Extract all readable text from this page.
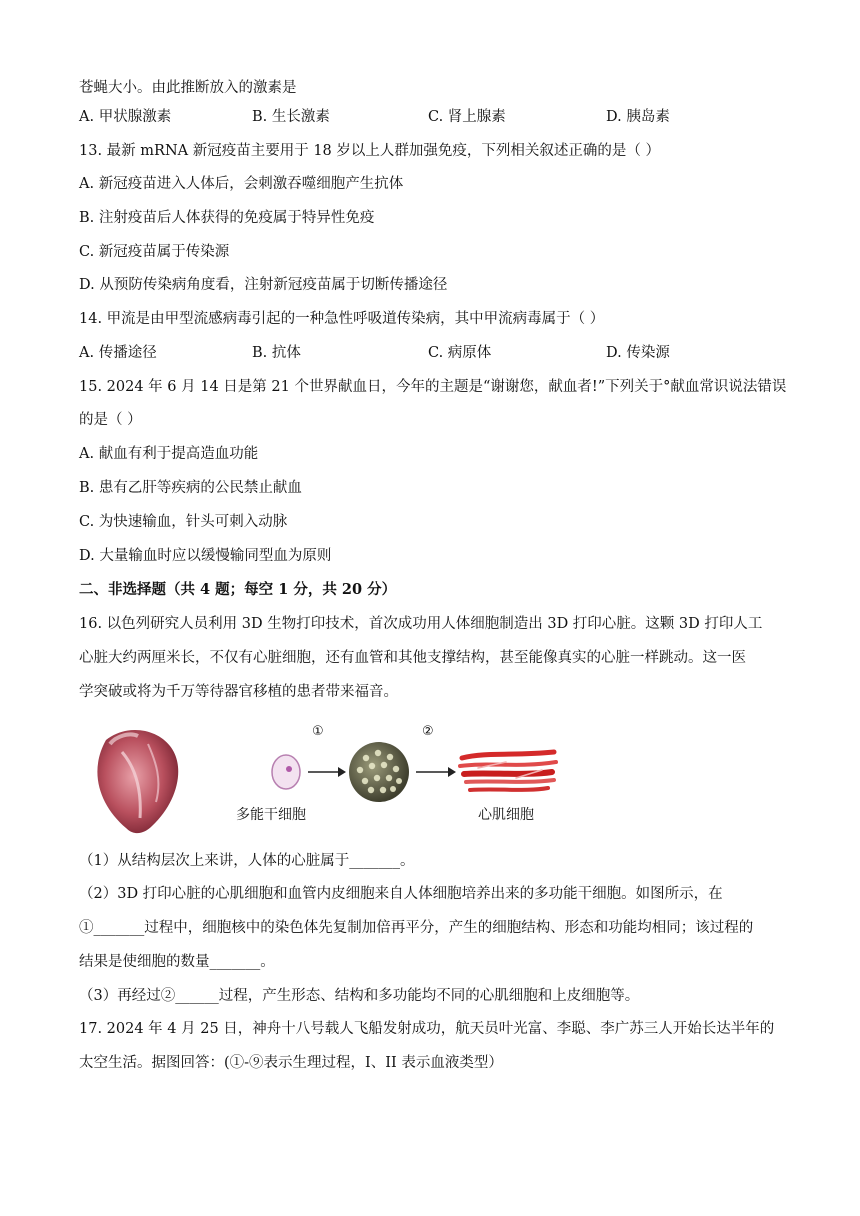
苍蝇大小。由此推断放入的激素是
A. 甲状腺激素	B. 生长激素	C. 肾上腺素	D. 胰岛素
13. 最新 mRNA 新冠疫苗主要用于 18 岁以上人群加强免疫，下列相关叙述正确的是（ ）
A. 新冠疫苗进入人体后，会刺激吞噬细胞产生抗体
B. 注射疫苗后人体获得的免疫属于特异性免疫
C. 新冠疫苗属于传染源
D. 从预防传染病角度看，注射新冠疫苗属于切断传播途径
14. 甲流是由甲型流感病毒引起的一种急性呼吸道传染病，其中甲流病毒属于（ ）
A. 传播途径	B. 抗体	C. 病原体	D. 传染源
15. 2024 年 6 月 14 日是第 21 个世界献血日，今年的主题是“谢谢您，献血者!”下列关于°献血常识说法错误
的是（ ）
A. 献血有利于提高造血功能
B. 患有乙肝等疾病的公民禁止献血
C. 为快速输血，针头可刺入动脉
D. 大量输血时应以缓慢输同型血为原则
二、非选择题（共 4 题；每空 1 分，共 20 分）
16. 以色列研究人员利用 3D 生物打印技术，首次成功用人体细胞制造出 3D 打印心脏。这颗 3D 打印人工
心脏大约两厘米长，不仅有心脏细胞，还有血管和其他支撑结构，甚至能像真实的心脏一样跳动。这一医
学突破或将为千万等待器官移植的患者带来福音。
①	②
多能干细胞	心肌细胞
（1）从结构层次上来讲，人体的心脏属于_______。
（2）3D 打印心脏的心肌细胞和血管内皮细胞来自人体细胞培养出来的多功能干细胞。如图所示，在
①_______过程中，细胞核中的染色体先复制加倍再平分，产生的细胞结构、形态和功能均相同；该过程的
结果是使细胞的数量_______。
（3）再经过②______过程，产生形态、结构和多功能均不同的心肌细胞和上皮细胞等。
17. 2024 年 4 月 25 日，神舟十八号载人飞船发射成功，航天员叶光富、李聪、李广苏三人开始长达半年的
太空生活。据图回答：(①-⑨表示生理过程，I、II 表示血液类型）
